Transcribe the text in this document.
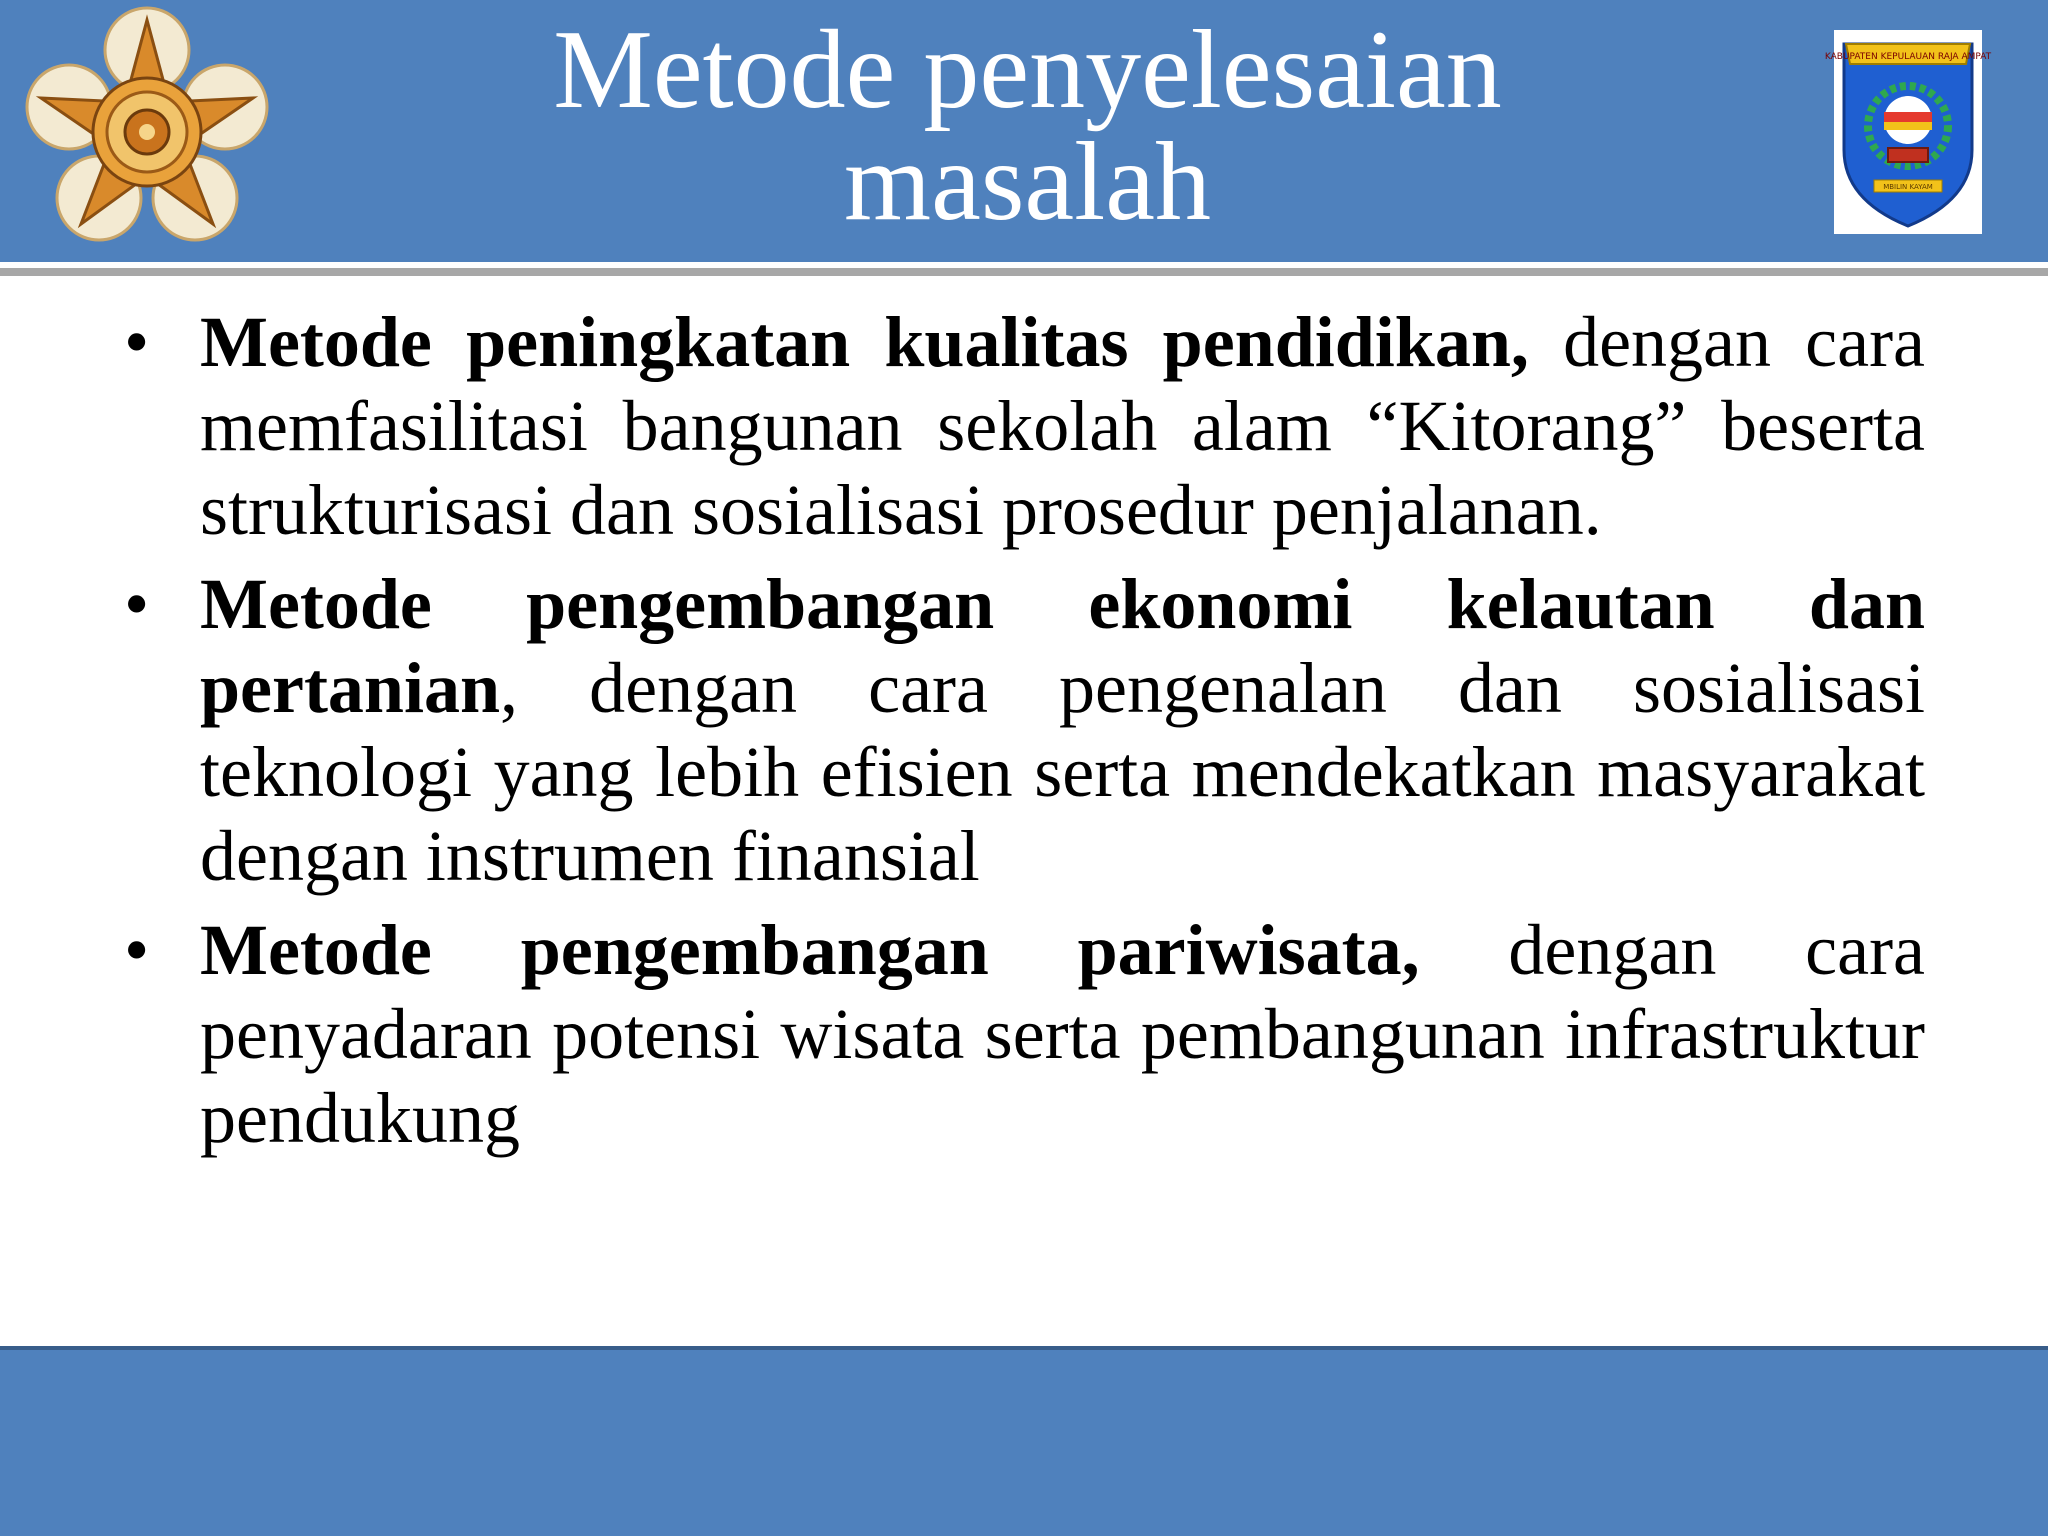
Metode penyelesaian masalah
KABUPATEN KEPULAUAN RAJA AMPAT
MBILIN KAYAM
• Metode peningkatan kualitas pendidikan, dengan cara memfasilitasi bangunan sekolah alam “Kitorang” beserta strukturisasi dan sosialisasi prosedur penjalanan.
• Metode pengembangan ekonomi kelautan dan pertanian, dengan cara pengenalan dan sosialisasi teknologi yang lebih efisien serta mendekatkan masyarakat dengan instrumen finansial
• Metode pengembangan pariwisata, dengan cara penyadaran potensi wisata serta pembangunan infrastruktur pendukung
